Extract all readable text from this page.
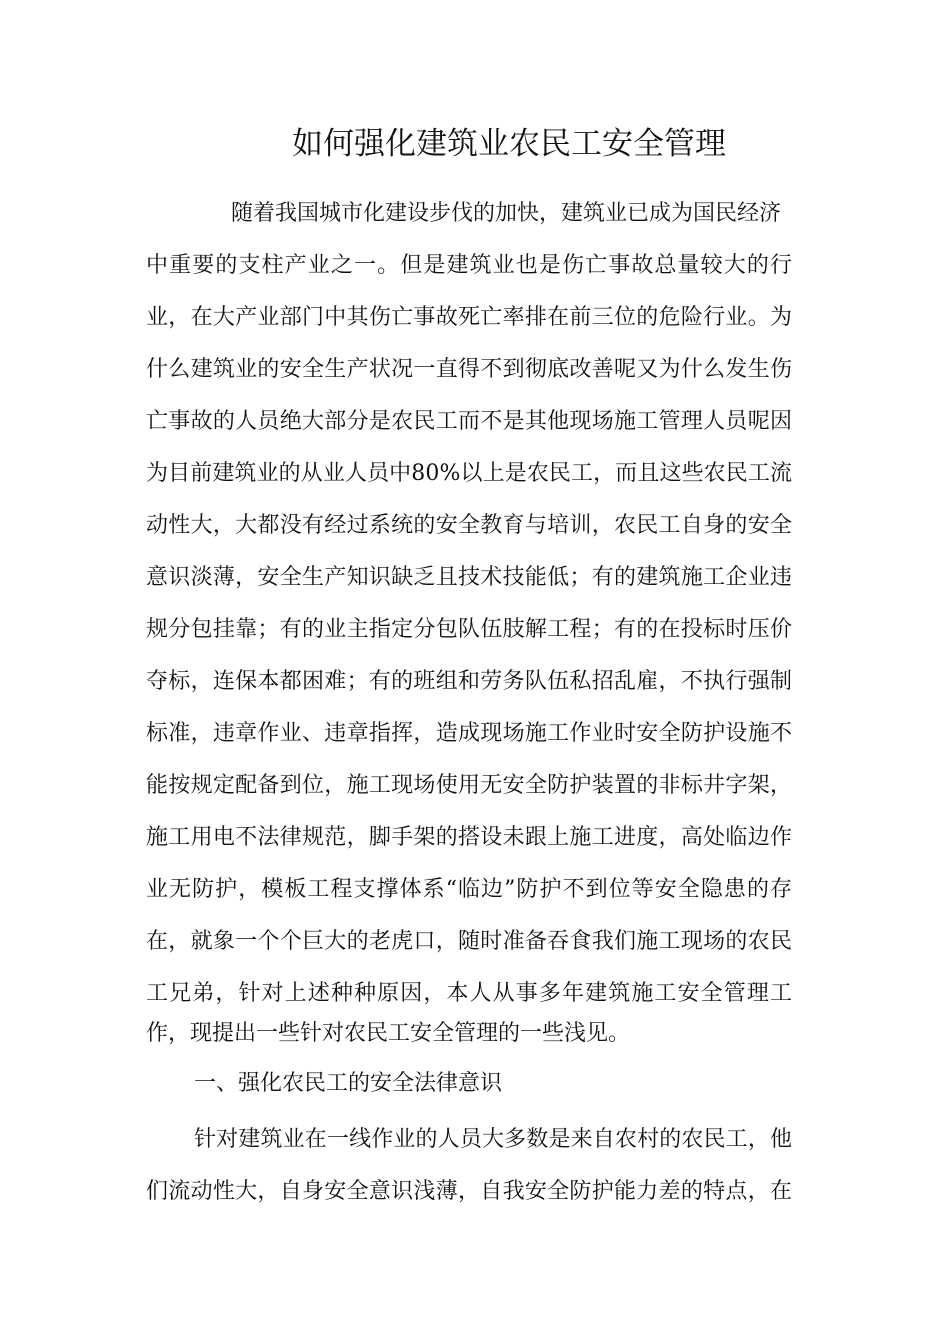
如何强化建筑业农民工安全管理
随着我国城市化建设步伐的加快，建筑业已成为国民经济
中重要的支柱产业之一。但是建筑业也是伤亡事故总量较大的行
业，在大产业部门中其伤亡事故死亡率排在前三位的危险行业。为
什么建筑业的安全生产状况一直得不到彻底改善呢又为什么发生伤
亡事故的人员绝大部分是农民工而不是其他现场施工管理人员呢因
为目前建筑业的从业人员中80%以上是农民工，而且这些农民工流
动性大，大都没有经过系统的安全教育与培训，农民工自身的安全
意识淡薄，安全生产知识缺乏且技术技能低；有的建筑施工企业违
规分包挂靠；有的业主指定分包队伍肢解工程；有的在投标时压价
夺标，连保本都困难；有的班组和劳务队伍私招乱雇，不执行强制
标准，违章作业、违章指挥，造成现场施工作业时安全防护设施不
能按规定配备到位，施工现场使用无安全防护装置的非标井字架，
施工用电不法律规范，脚手架的搭设未跟上施工进度，高处临边作
业无防护，模板工程支撑体系“临边”防护不到位等安全隐患的存
在，就象一个个巨大的老虎口，随时准备吞食我们施工现场的农民
工兄弟，针对上述种种原因，本人从事多年建筑施工安全管理工
作，现提出一些针对农民工安全管理的一些浅见。
一、强化农民工的安全法律意识
针对建筑业在一线作业的人员大多数是来自农村的农民工，他
们流动性大，自身安全意识浅薄，自我安全防护能力差的特点，在
